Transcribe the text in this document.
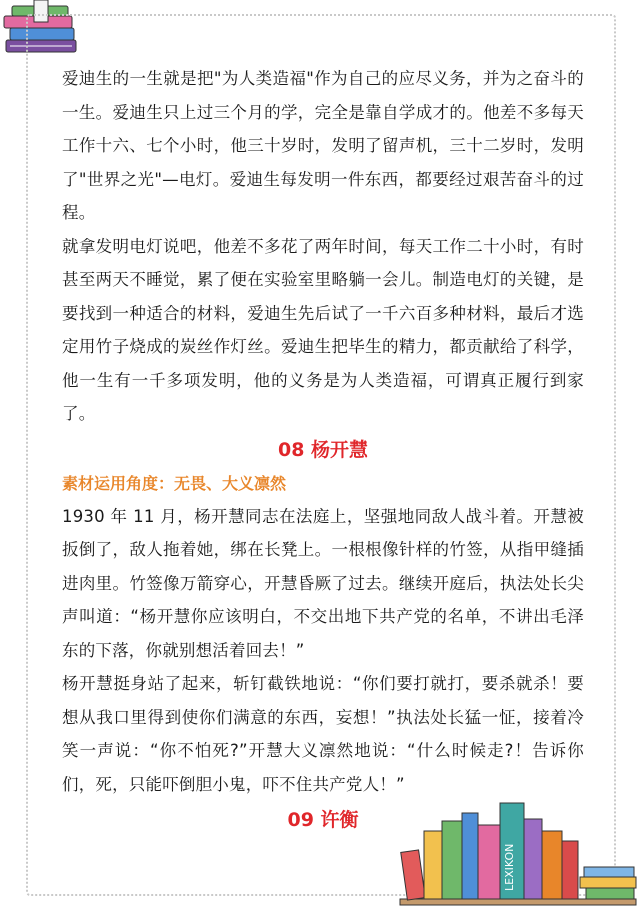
爱迪生的一生就是把"为人类造福"作为自己的应尽义务，并为之奋斗的一生。爱迪生只上过三个月的学，完全是靠自学成才的。他差不多每天工作十六、七个小时，他三十岁时，发明了留声机，三十二岁时，发明了"世界之光"—电灯。爱迪生每发明一件东西，都要经过艰苦奋斗的过程。

就拿发明电灯说吧，他差不多花了两年时间，每天工作二十小时，有时甚至两天不睡觉，累了便在实验室里略躺一会儿。制造电灯的关键，是要找到一种适合的材料，爱迪生先后试了一千六百多种材料，最后才选定用竹子烧成的炭丝作灯丝。爱迪生把毕生的精力，都贡献给了科学，他一生有一千多项发明，他的义务是为人类造福，可谓真正履行到家了。

08 杨开慧

素材运用角度：无畏、大义凛然

1930 年 11 月，杨开慧同志在法庭上，坚强地同敌人战斗着。开慧被扳倒了，敌人拖着她，绑在长凳上。一根根像针样的竹签，从指甲缝插进肉里。竹签像万箭穿心，开慧昏厥了过去。继续开庭后，执法处长尖声叫道：“杨开慧你应该明白，不交出地下共产党的名单，不讲出毛泽东的下落，你就别想活着回去！”

杨开慧挺身站了起来，斩钉截铁地说：“你们要打就打，要杀就杀！要想从我口里得到使你们满意的东西，妄想！”执法处长猛一怔，接着冷笑一声说：“你不怕死?”开慧大义凛然地说：“什么时候走?！告诉你们，死，只能吓倒胆小鬼，吓不住共产党人！”

09 许衡
LEXIKON
